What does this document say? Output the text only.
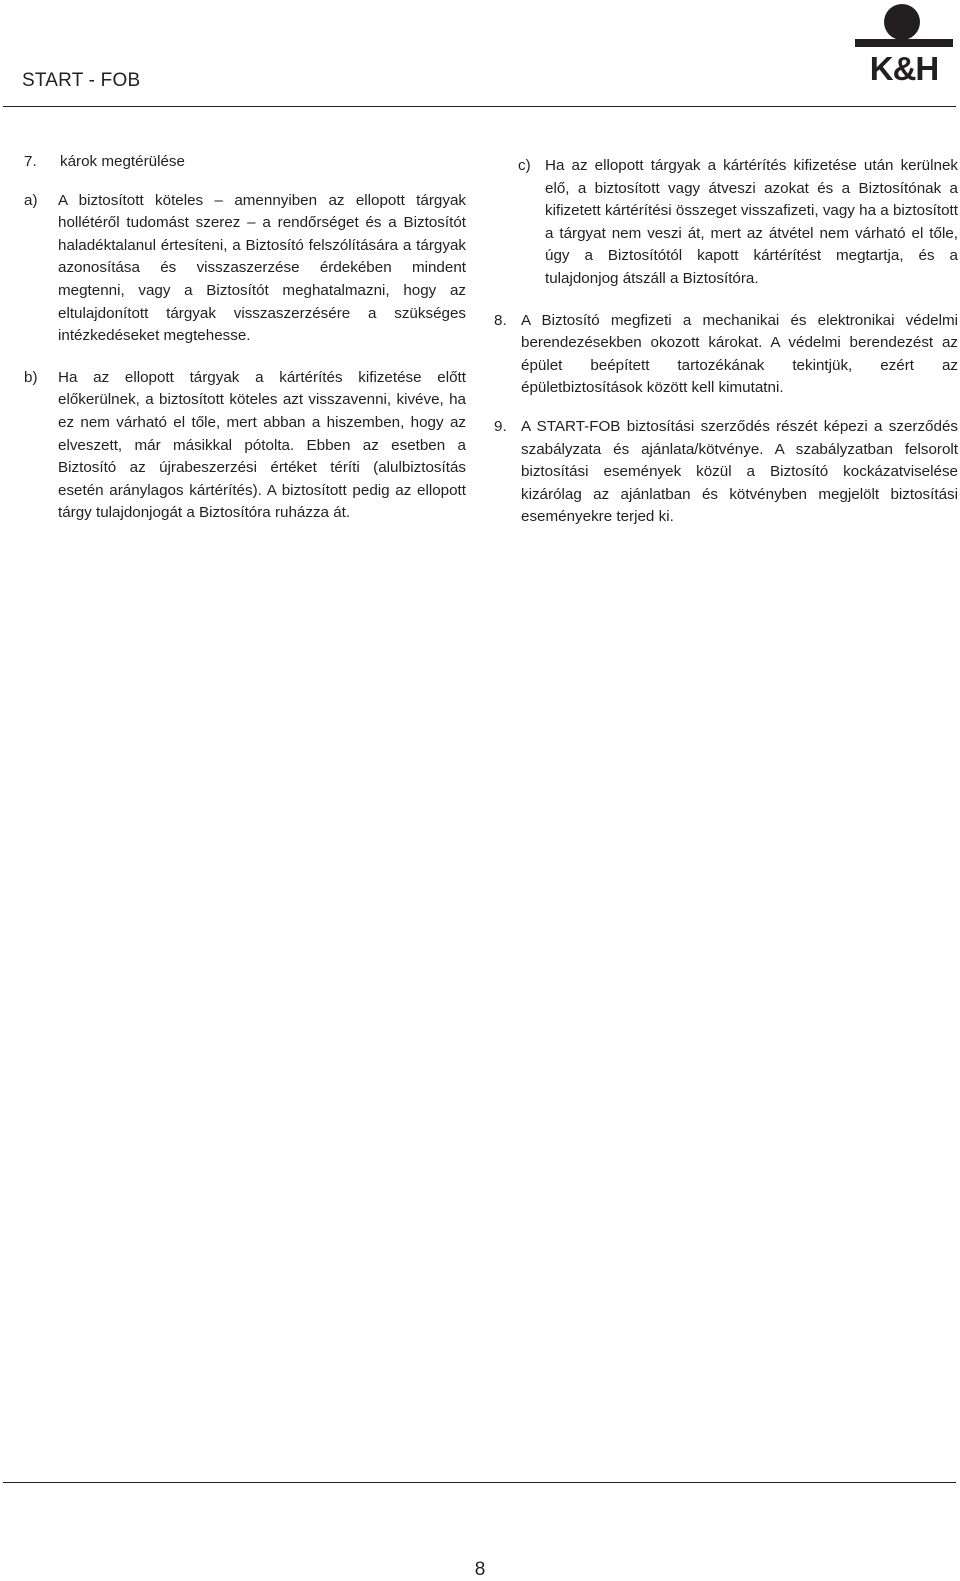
START - FOB	K&H
7.	károk megtérülése
a)	A biztosított köteles – amennyiben az ellopott tárgyak hollétéről tudomást szerez – a rendőrséget és a Biztosítót haladéktalanul értesíteni, a Biztosító felszólítására a tárgyak azonosítása és visszaszerzése érdekében mindent megtenni, vagy a Biztosítót meghatalmazni, hogy az eltulajdonított tárgyak visszaszerzésére a szükséges intézkedéseket megtehesse.
b)	Ha az ellopott tárgyak a kártérítés kifizetése előtt előkerülnek, a biztosított köteles azt visszavenni, kivéve, ha ez nem várható el tőle, mert abban a hiszemben, hogy az elveszett, már másikkal pótolta. Ebben az esetben a Biztosító az újrabeszerzési értéket téríti (alulbiztosítás esetén aránylagos kártérítés). A biztosított pedig az ellopott tárgy tulajdonjogát a Biztosítóra ruházza át.
c) Ha az ellopott tárgyak a kártérítés kifizetése után kerülnek elő, a biztosított vagy átveszi azokat és a Biztosítónak a kifizetett kártérítési összeget visszafizeti, vagy ha a biztosított a tárgyat nem veszi át, mert az átvétel nem várható el tőle, úgy a Biztosítótól kapott kártérítést megtartja, és a tulajdonjog átszáll a Biztosítóra.
8. A Biztosító megfizeti a mechanikai és elektronikai védelmi berendezésekben okozott károkat. A védelmi berendezést az épület beépített tartozékának tekintjük, ezért az épületbiztosítások között kell kimutatni.
9. A START-FOB biztosítási szerződés részét képezi a szerződés szabályzata és ajánlata/kötvénye. A szabályzatban felsorolt biztosítási események közül a Biztosító kockázatviselése kizárólag az ajánlatban és kötvényben megjelölt biztosítási eseményekre terjed ki.
8
